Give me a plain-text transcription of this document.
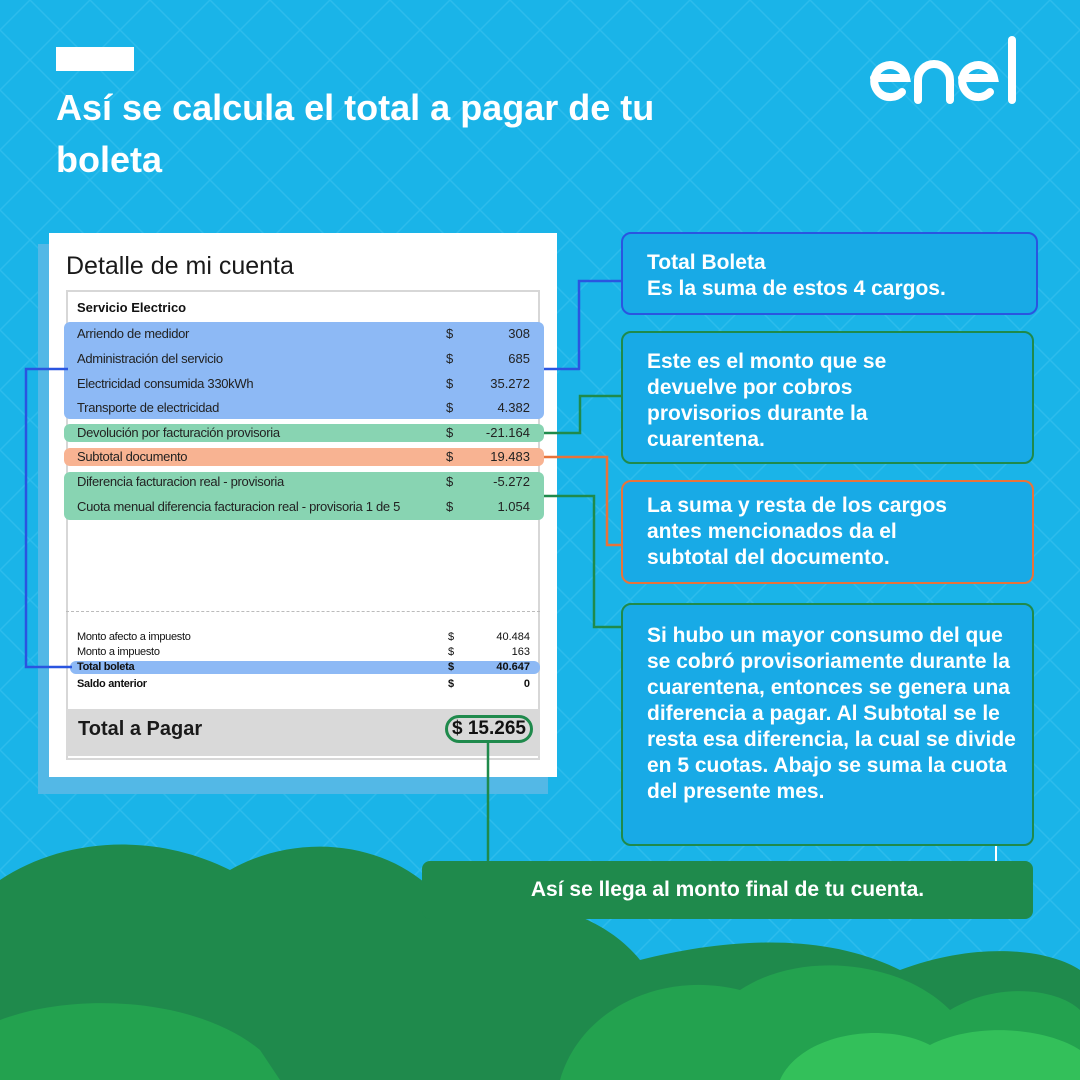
Así se calcula el total a pagar de tu boleta
Detalle de mi cuenta
Servicio Electrico
Arriendo de medidor	$	308
Administración del servicio	$	685
Electricidad consumida 330kWh	$	35.272
Transporte de electricidad	$	4.382
Devolución por facturación provisoria	$	-21.164
Subtotal documento	$	19.483
Diferencia facturacion real - provisoria	$	-5.272
Cuota menual diferencia facturacion real - provisoria 1 de 5	$	1.054
Monto afecto a impuesto	$	40.484
Monto a impuesto	$	163
Total boleta	$	40.647
Saldo anterior	$	0
Total a Pagar	$ 15.265
Total Boleta
Es la suma de estos 4 cargos.
Este es el monto que se devuelve por cobros provisorios durante la cuarentena.
La suma y resta de los cargos antes mencionados da el subtotal del documento.
Si hubo un mayor consumo del que se cobró provisoriamente durante la cuarentena, entonces se genera una diferencia a pagar. Al Subtotal se le resta esa diferencia, la cual se divide en 5 cuotas. Abajo se suma la cuota del presente mes.
Así se llega al monto final de tu cuenta.
